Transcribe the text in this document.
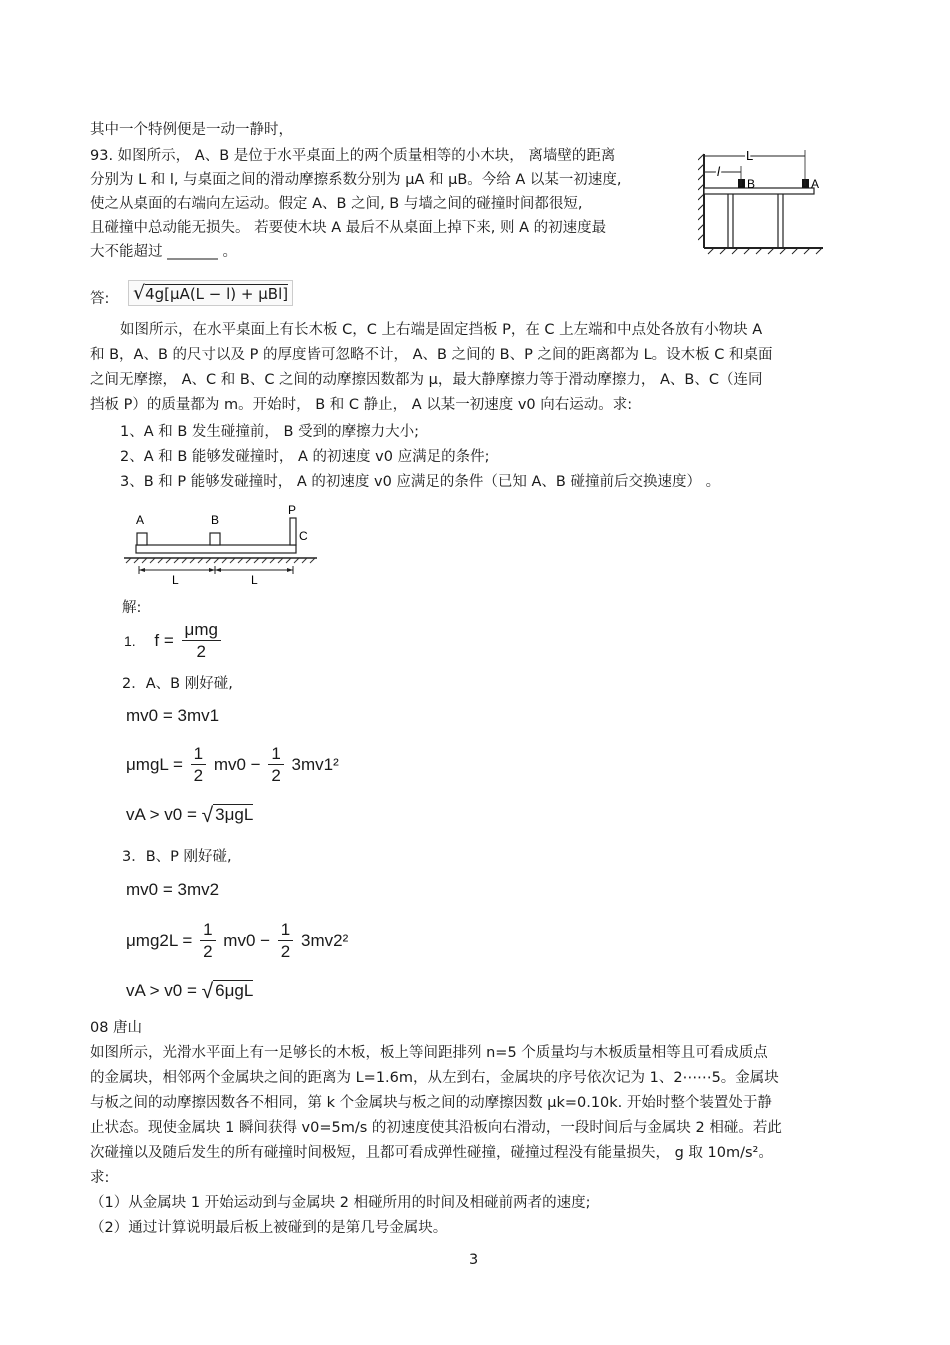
其中一个特例便是一动一静时，
93. 如图所示， A、B 是位于水平桌面上的两个质量相等的小木块， 离墙壁的距离
分别为 L 和 l, 与桌面之间的滑动摩擦系数分别为 μA 和 μB。今给 A 以某一初速度,
使之从桌面的右端向左运动。假定 A、B 之间, B 与墙之间的碰撞时间都很短,
且碰撞中总动能无损失。 若要使木块 A 最后不从桌面上掉下来, 则 A 的初速度最
大不能超过 _______ 。
B	A
L
l
答: √4g[μA(L − l) + μBl]
如图所示，在水平桌面上有长木板 C，C 上右端是固定挡板 P，在 C 上左端和中点处各放有小物块 A
和 B，A、B 的尺寸以及 P 的厚度皆可忽略不计， A、B 之间的 B、P 之间的距离都为 L。设木板 C 和桌面
之间无摩擦， A、C 和 B、C 之间的动摩擦因数都为 μ，最大静摩擦力等于滑动摩擦力， A、B、C（连同
挡板 P）的质量都为 m。开始时， B 和 C 静止， A 以某一初速度 v0 向右运动。求:
1、A 和 B 发生碰撞前， B 受到的摩擦力大小;
2、A 和 B 能够发碰撞时， A 的初速度 v0 应满足的条件;
3、B 和 P 能够发碰撞时， A 的初速度 v0 应满足的条件（已知 A、B 碰撞前后交换速度） 。
A	B
P
C
L	L
解:
1. $f = \frac{\text{μmg}}{2}$
2．A、B 刚好碰,
mv0 = 3mv1
$\mu mgL = \frac{1}{2} mv0 - \frac{1}{2} 3mv1^2$
vA > v0 = √ 3μgL
3．B、P 刚好碰,
mv0 = 3mv2
$\mu mg2L = \frac{1}{2} mv0 - \frac{1}{2} 3mv2^2$
vA > v0 = √ 6μgL
08 唐山
如图所示，光滑水平面上有一足够长的木板，板上等间距排列 n=5 个质量均与木板质量相等且可看成质点
的金属块，相邻两个金属块之间的距离为 L=1.6m，从左到右，金属块的序号依次记为 1、2⋯⋯5。金属块
与板之间的动摩擦因数各不相同，第 k 个金属块与板之间的动摩擦因数 μk=0.10k. 开始时整个装置处于静
止状态。现使金属块 1 瞬间获得 v0=5m/s 的初速度使其沿板向右滑动，一段时间后与金属块 2 相碰。若此
次碰撞以及随后发生的所有碰撞时间极短，且都可看成弹性碰撞，碰撞过程没有能量损失， g 取 10m/s²。
求:
（1）从金属块 1 开始运动到与金属块 2 相碰所用的时间及相碰前两者的速度;
（2）通过计算说明最后板上被碰到的是第几号金属块。
3
